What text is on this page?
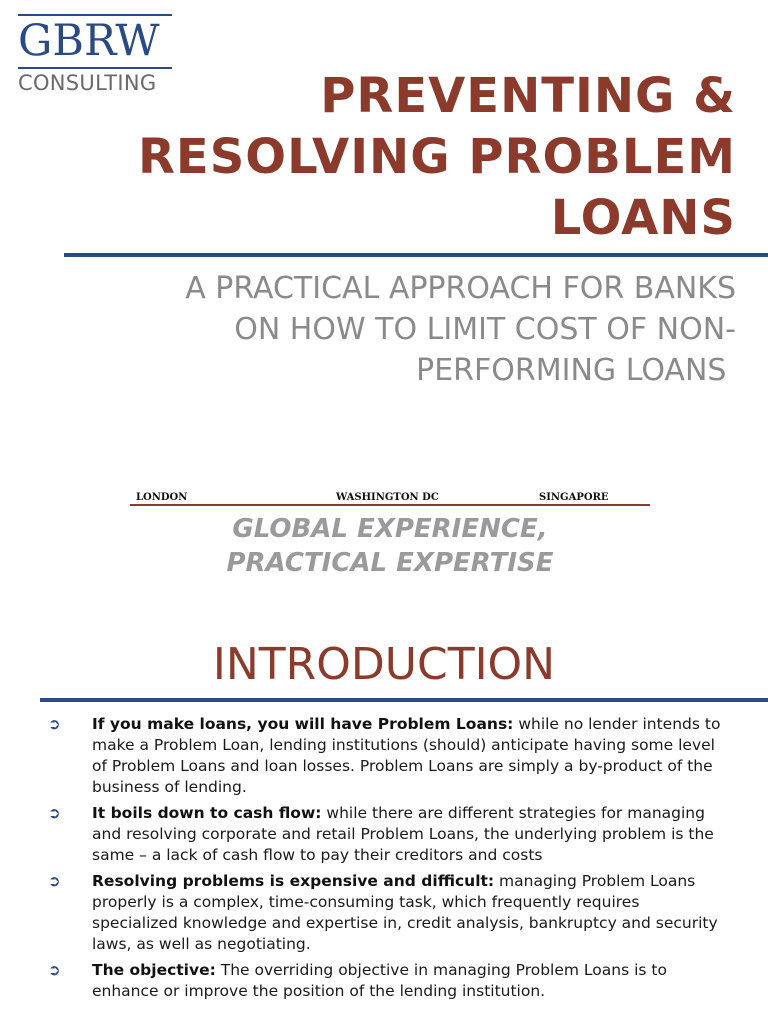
GBRW
CONSULTING	PREVENTING &
RESOLVING PROBLEM
LOANS
A PRACTICAL APPROACH FOR BANKS
ON HOW TO LIMIT COST OF NON-
PERFORMING LOANS
LONDON	WASHINGTON DC	SINGAPORE
GLOBAL EXPERIENCE,
PRACTICAL EXPERTISE
INTRODUCTION
➲ If you make loans, you will have Problem Loans: while no lender intends to make a Problem Loan, lending institutions (should) anticipate having some level of Problem Loans and loan losses. Problem Loans are simply a by-product of the business of lending.
➲ It boils down to cash flow: while there are different strategies for managing and resolving corporate and retail Problem Loans, the underlying problem is the same – a lack of cash flow to pay their creditors and costs
➲ Resolving problems is expensive and difficult: managing Problem Loans properly is a complex, time-consuming task, which frequently requires specialized knowledge and expertise in, credit analysis, bankruptcy and security laws, as well as negotiating.
➲ The objective: The overriding objective in managing Problem Loans is to enhance or improve the position of the lending institution.
